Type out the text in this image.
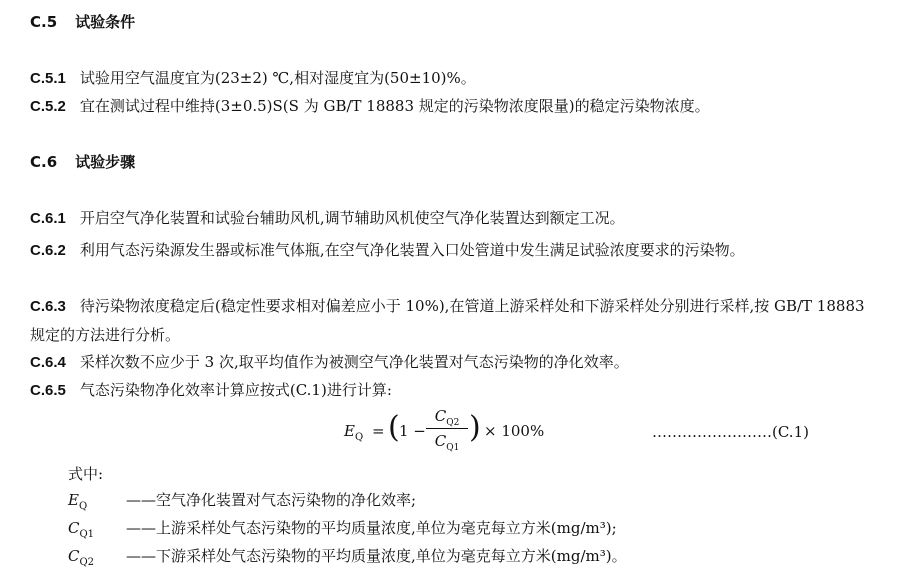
C.5 试验条件
C.5.1 试验用空气温度宜为(23±2) ℃,相对湿度宜为(50±10)%。
C.5.2 宜在测试过程中维持(3±0.5)S(S 为 GB/T 18883 规定的污染物浓度限量)的稳定污染物浓度。
C.6 试验步骤
C.6.1 开启空气净化装置和试验台辅助风机,调节辅助风机使空气净化装置达到额定工况。
C.6.2 利用气态污染源发生器或标准气体瓶,在空气净化装置入口处管道中发生满足试验浓度要求的污染物。
C.6.3 待污染物浓度稳定后(稳定性要求相对偏差应小于 10%),在管道上游采样处和下游采样处分别进行采样,按 GB/T 18883 规定的方法进行分析。
C.6.4 采样次数不应少于 3 次,取平均值作为被测空气净化装置对气态污染物的净化效率。
C.6.5 气态污染物净化效率计算应按式(C.1)进行计算:
$E_Q$ = ( 1 −
$C_{Q2}$
$C_{Q1}$
) × 100%	……………………(C.1)
式中:
$E_Q$	——空气净化装置对气态污染物的净化效率;
$C_{Q1}$ ——上游采样处气态污染物的平均质量浓度,单位为毫克每立方米(mg/m³);
$C_{Q2}$ ——下游采样处气态污染物的平均质量浓度,单位为毫克每立方米(mg/m³)。
